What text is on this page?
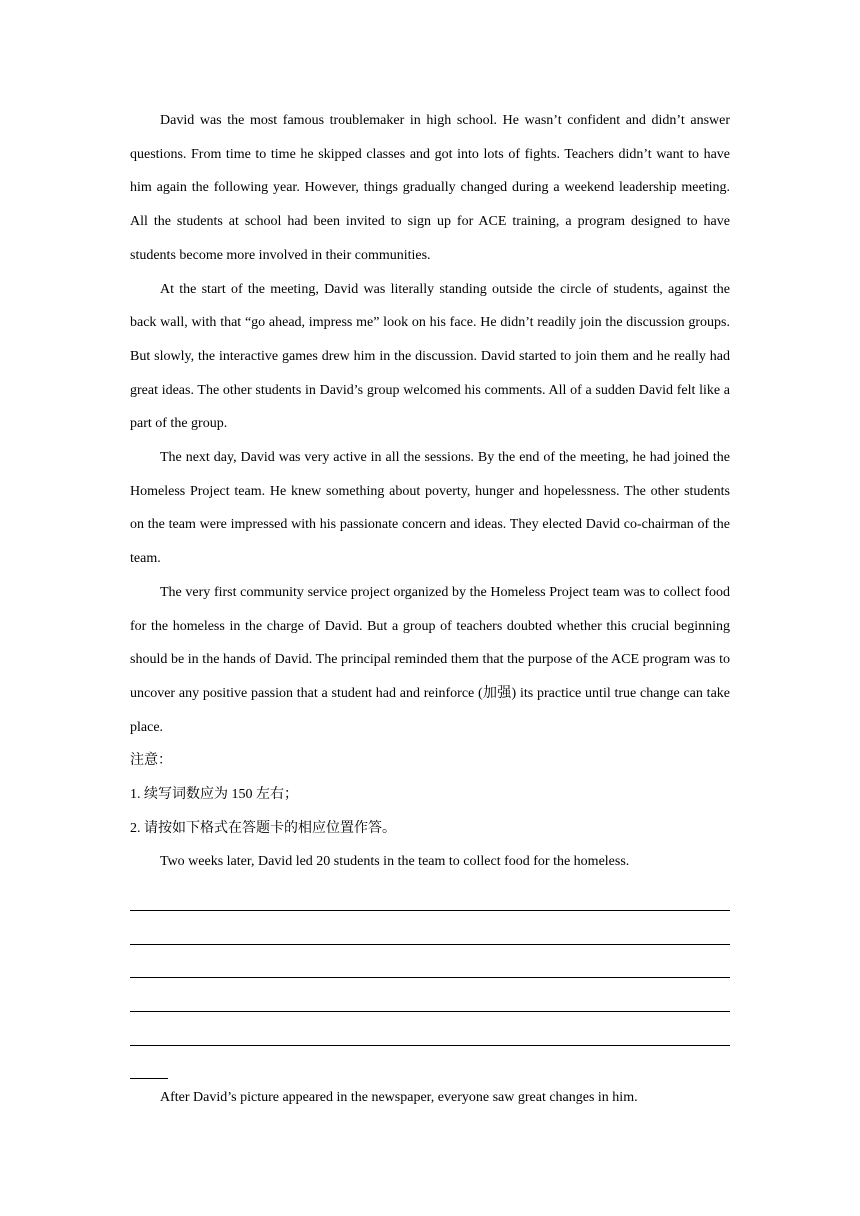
David was the most famous troublemaker in high school. He wasn’t confident and didn’t answer questions. From time to time he skipped classes and got into lots of fights. Teachers didn’t want to have him again the following year. However, things gradually changed during a weekend leadership meeting. All the students at school had been invited to sign up for ACE training, a program designed to have students become more involved in their communities.

At the start of the meeting, David was literally standing outside the circle of students, against the back wall, with that “go ahead, impress me” look on his face. He didn’t readily join the discussion groups. But slowly, the interactive games drew him in the discussion. David started to join them and he really had great ideas. The other students in David’s group welcomed his comments. All of a sudden David felt like a part of the group.

The next day, David was very active in all the sessions. By the end of the meeting, he had joined the Homeless Project team. He knew something about poverty, hunger and hopelessness. The other students on the team were impressed with his passionate concern and ideas. They elected David co-chairman of the team.

The very first community service project organized by the Homeless Project team was to collect food for the homeless in the charge of David. But a group of teachers doubted whether this crucial beginning should be in the hands of David. The principal reminded them that the purpose of the ACE program was to uncover any positive passion that a student had and reinforce (加强) its practice until true change can take place.

注意：

1. 续写词数应为 150 左右；

2. 请按如下格式在答题卡的相应位置作答。

Two weeks later, David led 20 students in the team to collect food for the homeless.

After David’s picture appeared in the newspaper, everyone saw great changes in him.
